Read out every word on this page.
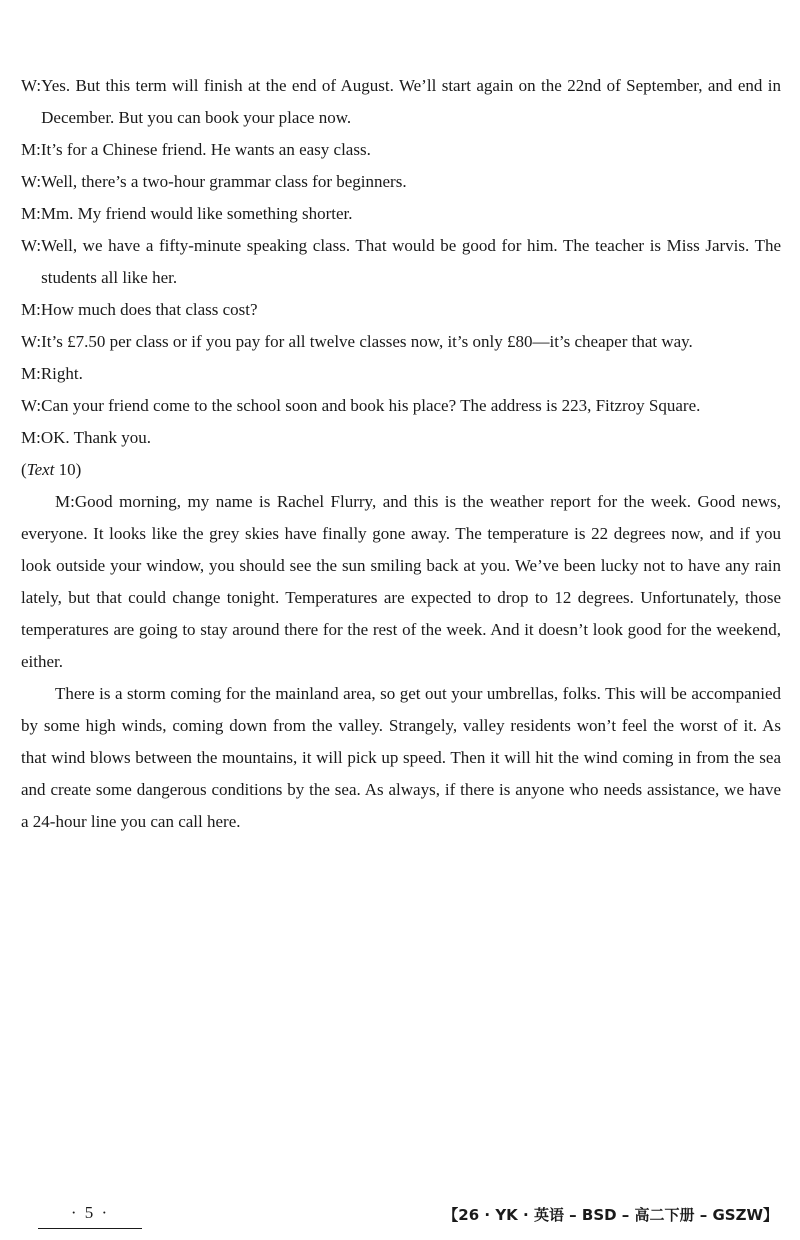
W: Yes. But this term will finish at the end of August. We’ll start again on the 22nd of September, and end in December. But you can book your place now.
M: It’s for a Chinese friend. He wants an easy class.
W: Well, there’s a two-hour grammar class for beginners.
M: Mm. My friend would like something shorter.
W: Well, we have a fifty-minute speaking class. That would be good for him. The teacher is Miss Jarvis. The students all like her.
M: How much does that class cost?
W: It’s £7.50 per class or if you pay for all twelve classes now, it’s only £80—it’s cheaper that way.
M: Right.
W: Can your friend come to the school soon and book his place? The address is 223, Fitzroy Square.
M: OK. Thank you.
(Text 10)
M:Good morning, my name is Rachel Flurry, and this is the weather report for the week. Good news, everyone. It looks like the grey skies have finally gone away. The temperature is 22 degrees now, and if you look outside your window, you should see the sun smiling back at you. We’ve been lucky not to have any rain lately, but that could change tonight. Temperatures are expected to drop to 12 degrees. Unfortunately, those temperatures are going to stay around there for the rest of the week. And it doesn’t look good for the weekend, either.
There is a storm coming for the mainland area, so get out your umbrellas, folks. This will be accompanied by some high winds, coming down from the valley. Strangely, valley residents won’t feel the worst of it. As that wind blows between the mountains, it will pick up speed. Then it will hit the wind coming in from the sea and create some dangerous conditions by the sea. As always, if there is anyone who needs assistance, we have a 24-hour line you can call here.
· 5 ·	【26 · YK · 英语 – BSD – 高二下册 – GSZW】
